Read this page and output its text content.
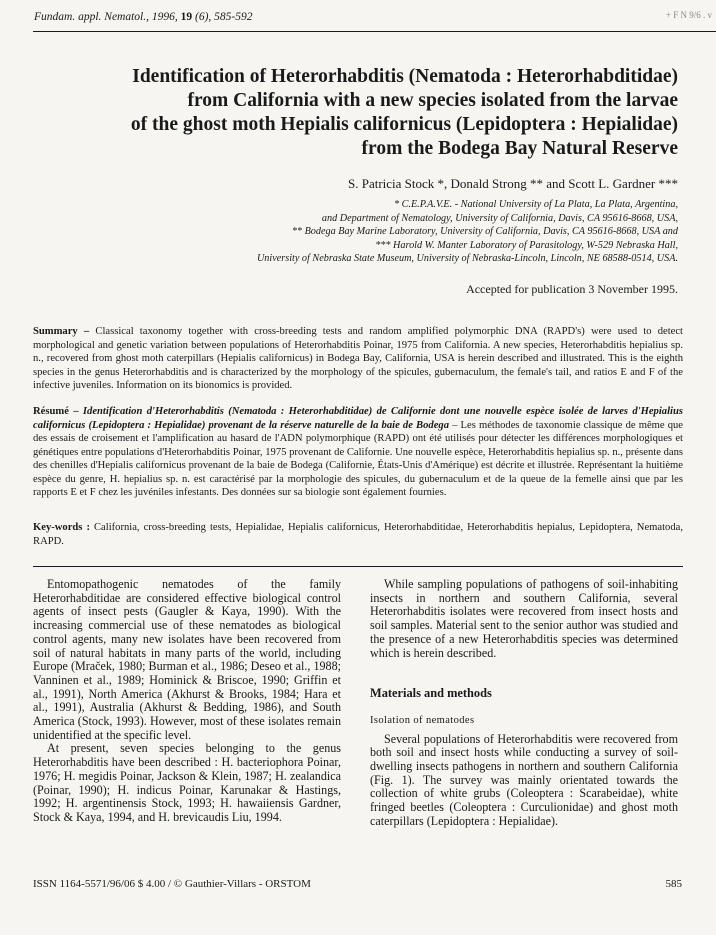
Fundam. appl. Nematol., 1996, 19 (6), 585-592	+ F N 9/6 . v
Identification of Heterorhabditis (Nematoda : Heterorhabditidae)
from California with a new species isolated from the larvae
of the ghost moth Hepialis californicus (Lepidoptera : Hepialidae)
from the Bodega Bay Natural Reserve
S. Patricia Stock *, Donald Strong ** and Scott L. Gardner ***
* C.E.P.A.V.E. - National University of La Plata, La Plata, Argentina,
and Department of Nematology, University of California, Davis, CA 95616-8668, USA,
** Bodega Bay Marine Laboratory, University of California, Davis, CA 95616-8668, USA and
*** Harold W. Manter Laboratory of Parasitology, W-529 Nebraska Hall,
University of Nebraska State Museum, University of Nebraska-Lincoln, Lincoln, NE 68588-0514, USA.
Accepted for publication 3 November 1995.

Summary – Classical taxonomy together with cross-breeding tests and random amplified polymorphic DNA (RAPD's) were used to detect morphological and genetic variation between populations of Heterorhabditis Poinar, 1975 from California. A new species, Heterorhabditis hepialius sp. n., recovered from ghost moth caterpillars (Hepialis californicus) in Bodega Bay, California, USA is herein described and illustrated. This is the eighth species in the genus Heterorhabditis and is characterized by the morphology of the spicules, gubernaculum, the female's tail, and ratios E and F of the infective juveniles. Information on its bionomics is provided.

Résumé – Identification d'Heterorhabditis (Nematoda : Heterorhabditidae) de Californie dont une nouvelle espèce isolée de larves d'Hepialius californicus (Lepidoptera : Hepialidae) provenant de la réserve naturelle de la baie de Bodega – Les méthodes de taxonomie classique de même que des essais de croisement et l'amplification au hasard de l'ADN polymorphique (RAPD) ont été utilisés pour détecter les différences morphologiques et génétiques entre populations d'Heterorhabditis Poinar, 1975 provenant de Californie. Une nouvelle espèce, Heterorhabditis hepialius sp. n., présente dans des chenilles d'Hepialis californicus provenant de la baie de Bodega (Californie, États-Unis d'Amérique) est décrite et illustrée. Représentant la huitième espèce du genre, H. hepialius sp. n. est caractérisé par la morphologie des spicules, du gubernaculum et de la queue de la femelle ainsi que par les rapports E et F chez les juvéniles infestants. Des données sur sa biologie sont également fournies.

Key-words : California, cross-breeding tests, Hepialidae, Hepialis californicus, Heterorhabditidae, Heterorhabditis hepialus, Lepidoptera, Nematoda, RAPD.

Entomopathogenic nematodes of the family Heterorhabditidae are considered effective biological control agents of insect pests (Gaugler & Kaya, 1990). With the increasing commercial use of these nematodes as biological control agents, many new isolates have been recovered from soil of natural habitats in many parts of the world, including Europe (Mraček, 1980; Burman et al., 1986; Deseo et al., 1988; Vanninen et al., 1989; Hominick & Briscoe, 1990; Griffin et al., 1991), North America (Akhurst & Brooks, 1984; Hara et al., 1991), Australia (Akhurst & Bedding, 1986), and South America (Stock, 1993). However, most of these isolates remain unidentified at the specific level.

At present, seven species belonging to the genus Heterorhabditis have been described : H. bacteriophora Poinar, 1976; H. megidis Poinar, Jackson & Klein, 1987; H. zealandica (Poinar, 1990); H. indicus Poinar, Karunakar & Hastings, 1992; H. argentinensis Stock, 1993; H. hawaiiensis Gardner, Stock & Kaya, 1994, and H. brevicaudis Liu, 1994.

While sampling populations of pathogens of soil-inhabiting insects in northern and southern California, several Heterorhabditis isolates were recovered from insect hosts and soil samples. Material sent to the senior author was studied and the presence of a new Heterorhabditis species was determined which is herein described.

Materials and methods

Isolation of nematodes

Several populations of Heterorhabditis were recovered from both soil and insect hosts while conducting a survey of soil-dwelling insects pathogens in northern and southern California (Fig. 1). The survey was mainly orientated towards the collection of white grubs (Coleoptera : Scarabeidae), white fringed beetles (Coleoptera : Curculionidae) and ghost moth caterpillars (Lepidoptera : Hepialidae).

ISSN 1164-5571/96/06 $ 4.00 / © Gauthier-Villars - ORSTOM	585
